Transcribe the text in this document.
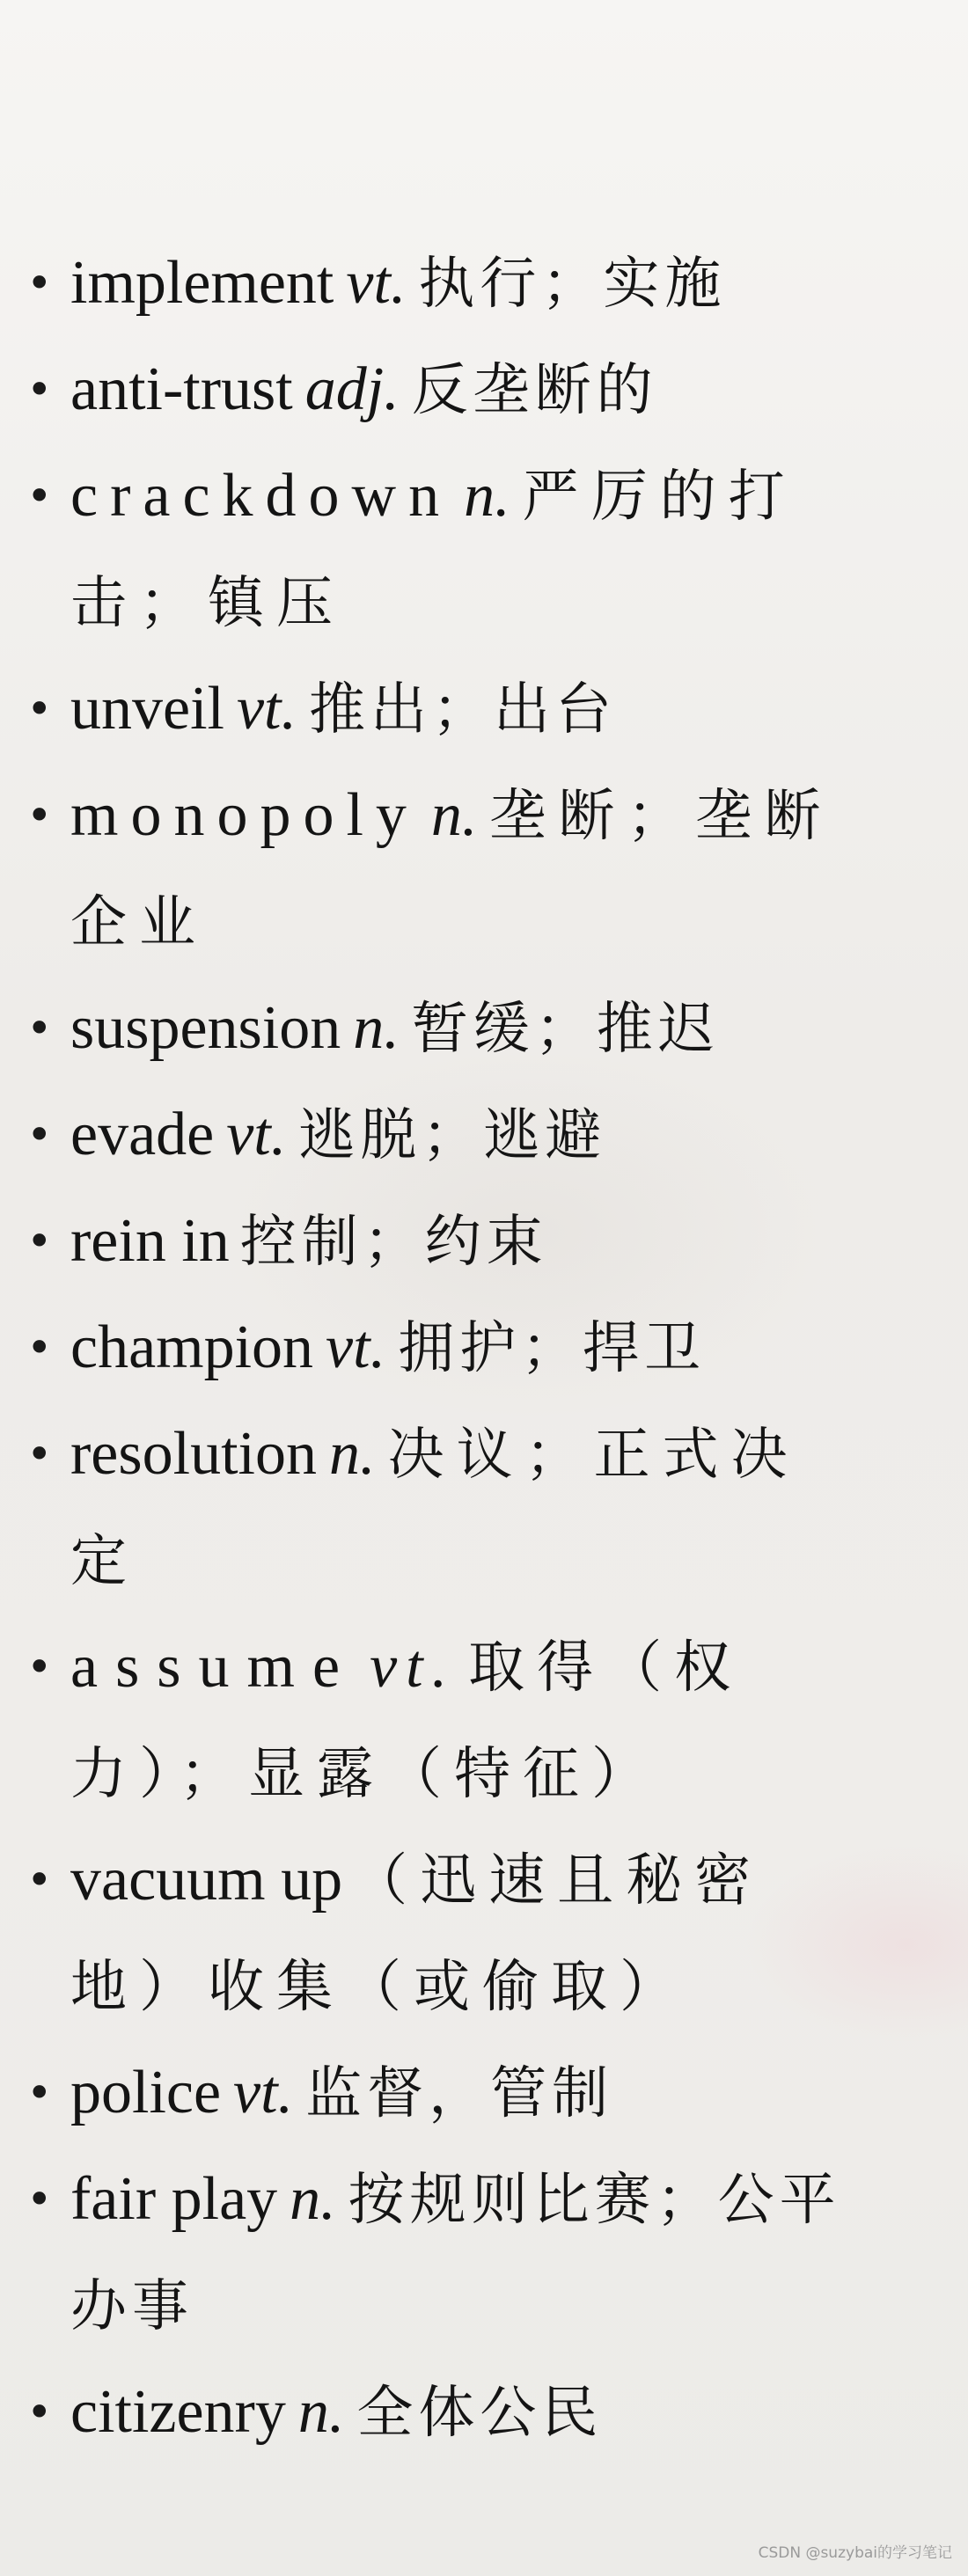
• implement vt. 执行；实施
• anti-trust adj. 反垄断的
• crackdown n. 严厉的打击；镇压
• unveil vt. 推出；出台
• monopoly n. 垄断；垄断企业
• suspension n. 暂缓；推迟
• evade vt. 逃脱；逃避
• rein in 控制；约束
• champion vt. 拥护；捍卫
• resolution n. 决议；正式决定
• assume vt. 取得（权力）；显露（特征）
• vacuum up （迅速且秘密地）收集（或偷取）
• police vt. 监督，管制
• fair play n. 按规则比赛；公平办事
• citizenry n. 全体公民
CSDN @suzybai的学习笔记
